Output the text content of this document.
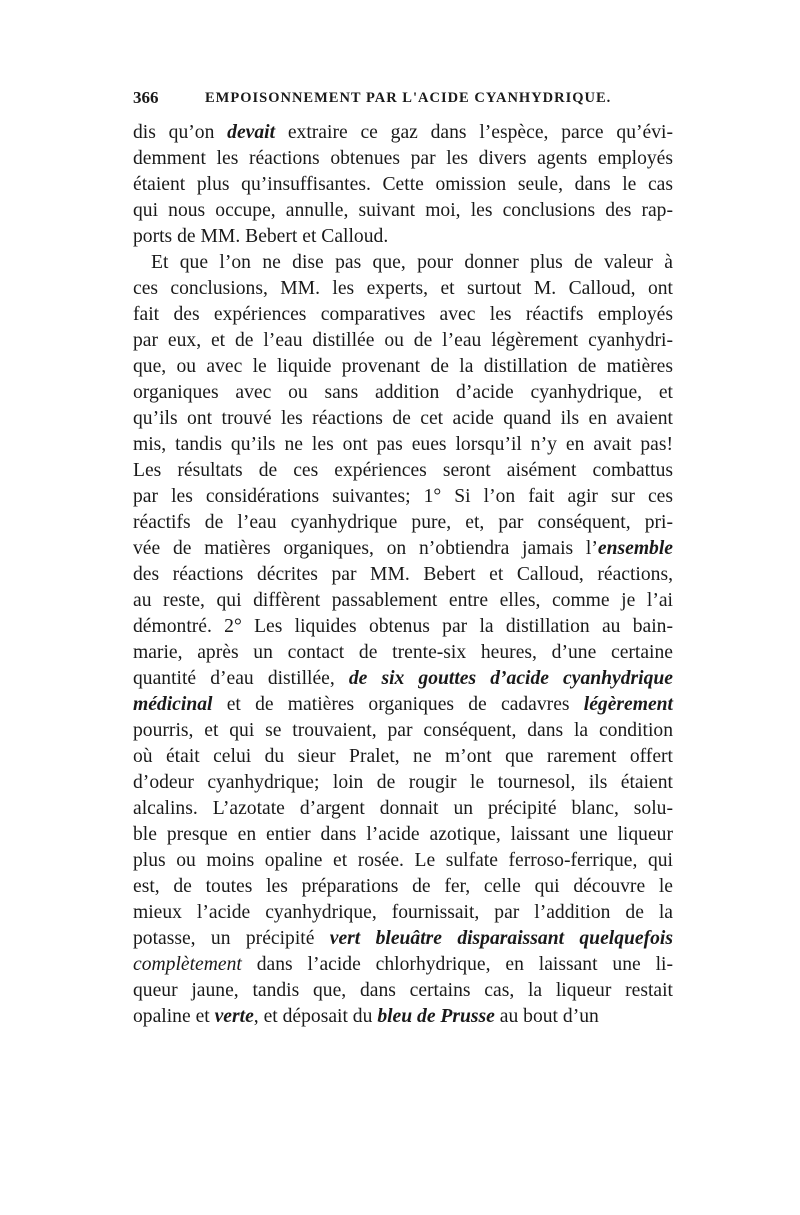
366	EMPOISONNEMENT PAR L'ACIDE CYANHYDRIQUE.
dis qu’on devait extraire ce gaz dans l’espèce, parce qu’évi-
demment les réactions obtenues par les divers agents employés
étaient plus qu’insuffisantes. Cette omission seule, dans le cas
qui nous occupe, annulle, suivant moi, les conclusions des rap-
ports de MM. Bebert et Calloud.
Et que l’on ne dise pas que, pour donner plus de valeur à
ces conclusions, MM. les experts, et surtout M. Calloud, ont
fait des expériences comparatives avec les réactifs employés
par eux, et de l’eau distillée ou de l’eau légèrement cyanhydri-
que, ou avec le liquide provenant de la distillation de matières
organiques avec ou sans addition d’acide cyanhydrique, et
qu’ils ont trouvé les réactions de cet acide quand ils en avaient
mis, tandis qu’ils ne les ont pas eues lorsqu’il n’y en avait pas!
Les résultats de ces expériences seront aisément combattus
par les considérations suivantes; 1° Si l’on fait agir sur ces
réactifs de l’eau cyanhydrique pure, et, par conséquent, pri-
vée de matières organiques, on n’obtiendra jamais l’ensemble
des réactions décrites par MM. Bebert et Calloud, réactions,
au reste, qui diffèrent passablement entre elles, comme je l’ai
démontré. 2° Les liquides obtenus par la distillation au bain-
marie, après un contact de trente-six heures, d’une certaine
quantité d’eau distillée, de six gouttes d’acide cyanhydrique
médicinal et de matières organiques de cadavres légèrement
pourris, et qui se trouvaient, par conséquent, dans la condition
où était celui du sieur Pralet, ne m’ont que rarement offert
d’odeur cyanhydrique; loin de rougir le tournesol, ils étaient
alcalins. L’azotate d’argent donnait un précipité blanc, solu-
ble presque en entier dans l’acide azotique, laissant une liqueur
plus ou moins opaline et rosée. Le sulfate ferroso-ferrique, qui
est, de toutes les préparations de fer, celle qui découvre le
mieux l’acide cyanhydrique, fournissait, par l’addition de la
potasse, un précipité vert bleuâtre disparaissant quelquefois
complètement dans l’acide chlorhydrique, en laissant une li-
queur jaune, tandis que, dans certains cas, la liqueur restait
opaline et verte, et déposait du bleu de Prusse au bout d’un
